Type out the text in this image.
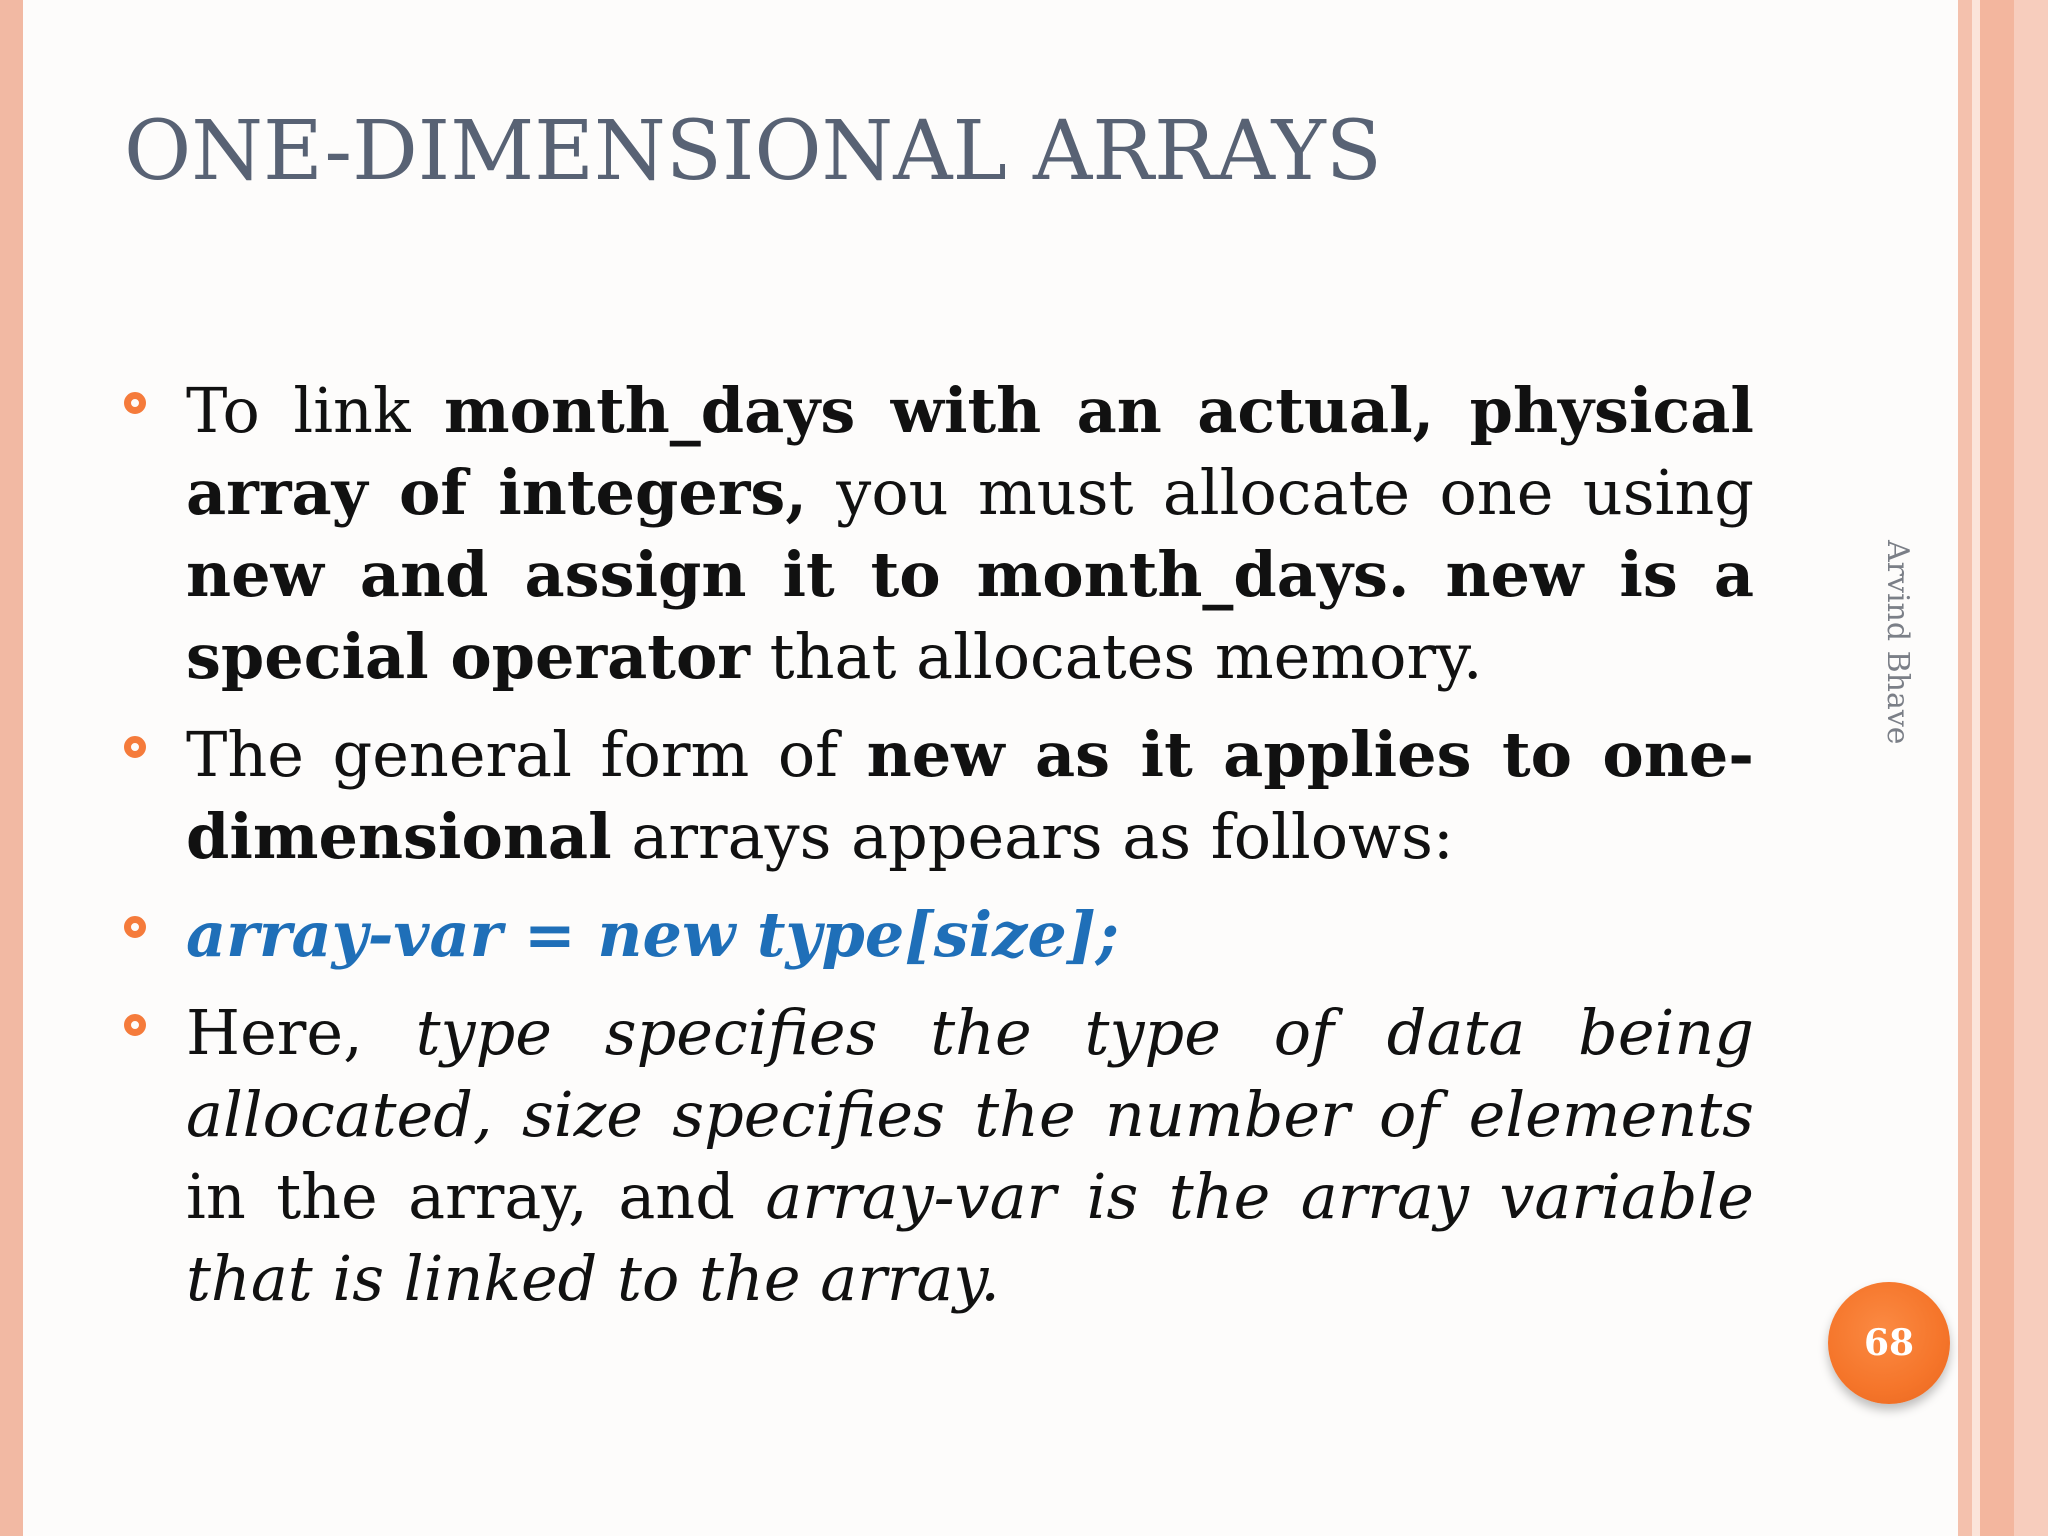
ONE-DIMENSIONAL ARRAYS
To link month_days with an actual, physical array of integers, you must allocate one using new and assign it to month_days. new is a special operator that allocates memory.
The general form of new as it applies to one-dimensional arrays appears as follows:
array-var = new type[size];
Here, type specifies the type of data being allocated, size specifies the number of elements in the array, and array-var is the array variable that is linked to the array.
Arvind Bhave
68
